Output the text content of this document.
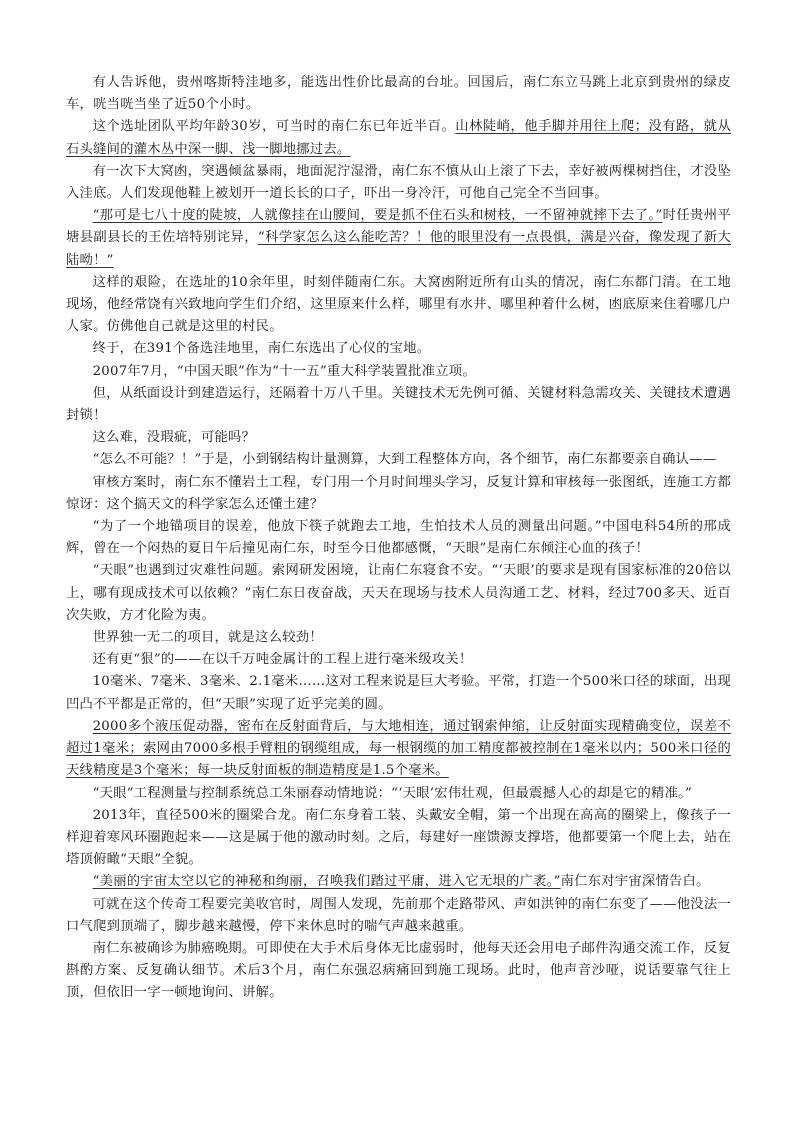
有人告诉他，贵州喀斯特洼地多，能选出性价比最高的台址。回国后，南仁东立马跳上北京到贵州的绿皮车，咣当咣当坐了近50个小时。

这个选址团队平均年龄30岁，可当时的南仁东已年近半百。山林陡峭，他手脚并用往上爬；没有路，就从石头缝间的灌木丛中深一脚、浅一脚地挪过去。

有一次下大窝凼，突遇倾盆暴雨，地面泥泞湿滑，南仁东不慎从山上滚了下去，幸好被两棵树挡住，才没坠入洼底。人们发现他鞋上被划开一道长长的口子，吓出一身冷汗，可他自己完全不当回事。

“那可是七八十度的陡坡，人就像挂在山腰间，要是抓不住石头和树枝，一不留神就摔下去了。”时任贵州平塘县副县长的王佐培特别诧异，“科学家怎么这么能吃苦？！他的眼里没有一点畏惧，满是兴奋，像发现了新大陆呦！”

这样的艰险，在选址的10余年里，时刻伴随南仁东。大窝凼附近所有山头的情况，南仁东都门清。在工地现场，他经常饶有兴致地向学生们介绍，这里原来什么样，哪里有水井、哪里种着什么树，凼底原来住着哪几户人家。仿佛他自己就是这里的村民。

终于，在391个备选洼地里，南仁东选出了心仪的宝地。

2007年7月，“中国天眼”作为“十一五”重大科学装置批准立项。

但，从纸面设计到建造运行，还隔着十万八千里。关键技术无先例可循、关键材料急需攻关、关键技术遭遇封锁！

这么难，没瑕疵，可能吗？

“怎么不可能？！”于是，小到钢结构计量测算，大到工程整体方向，各个细节，南仁东都要亲自确认——

审核方案时，南仁东不懂岩土工程，专门用一个月时间埋头学习，反复计算和审核每一张图纸，连施工方都惊讶：这个搞天文的科学家怎么还懂土建？

“为了一个地锚项目的误差，他放下筷子就跑去工地，生怕技术人员的测量出问题。”中国电科54所的邢成辉，曾在一个闷热的夏日午后撞见南仁东，时至今日他都感慨，“天眼”是南仁东倾注心血的孩子！

“天眼”也遇到过灾难性问题。索网研发困境，让南仁东寝食不安。“‘天眼’的要求是现有国家标准的20倍以上，哪有现成技术可以依赖？”南仁东日夜奋战，天天在现场与技术人员沟通工艺、材料，经过700多天、近百次失败，方才化险为夷。

世界独一无二的项目，就是这么较劲！

还有更“狠”的——在以千万吨金属计的工程上进行毫米级攻关！

10毫米、7毫米、3毫米、2.1毫米……这对工程来说是巨大考验。平常，打造一个500米口径的球面，出现凹凸不平都是正常的，但“天眼”实现了近乎完美的圆。

2000多个液压促动器，密布在反射面背后，与大地相连，通过钢索伸缩，让反射面实现精确变位，误差不超过1毫米；索网由7000多根手臂粗的钢缆组成，每一根钢缆的加工精度都被控制在1毫米以内；500米口径的天线精度是3个毫米；每一块反射面板的制造精度是1.5个毫米。

“天眼”工程测量与控制系统总工朱丽春动情地说：“‘天眼’宏伟壮观，但最震撼人心的却是它的精准。”

2013年，直径500米的圈梁合龙。南仁东身着工装、头戴安全帽，第一个出现在高高的圈梁上，像孩子一样迎着寒风环圈跑起来——这是属于他的激动时刻。之后，每建好一座馈源支撑塔，他都要第一个爬上去，站在塔顶俯瞰“天眼”全貌。

“美丽的宇宙太空以它的神秘和绚丽，召唤我们踏过平庸，进入它无垠的广袤。”南仁东对宇宙深情告白。

可就在这个传奇工程要完美收官时，周围人发现，先前那个走路带风、声如洪钟的南仁东变了——他没法一口气爬到顶端了，脚步越来越慢，停下来休息时的喘气声越来越重。

南仁东被确诊为肺癌晚期。可即使在大手术后身体无比虚弱时，他每天还会用电子邮件沟通交流工作，反复斟酌方案、反复确认细节。术后3个月，南仁东强忍病痛回到施工现场。此时，他声音沙哑，说话要靠气往上顶，但依旧一字一顿地询问、讲解。
